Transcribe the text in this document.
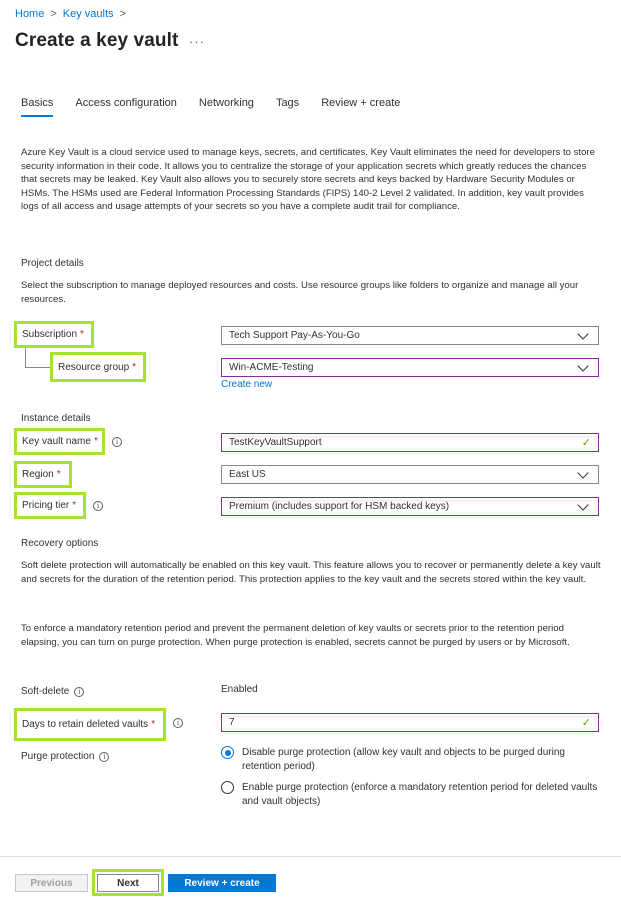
Home > Key vaults >
Create a key vault ···
Basics Access configuration Networking Tags Review + create
Azure Key Vault is a cloud service used to manage keys, secrets, and certificates. Key Vault eliminates the need for developers to store security information in their code. It allows you to centralize the storage of your application secrets which greatly reduces the chances that secrets may be leaked. Key Vault also allows you to securely store secrets and keys backed by Hardware Security Modules or HSMs. The HSMs used are Federal Information Processing Standards (FIPS) 140-2 Level 2 validated. In addition, key vault provides logs of all access and usage attempts of your secrets so you have a complete audit trail for compliance.
Project details
Select the subscription to manage deployed resources and costs. Use resource groups like folders to organize and manage all your resources.
Subscription *	Tech Support Pay-As-You-Go
Resource group *	Win-ACME-Testing
Create new
Instance details
Key vault name *	i	TestKeyVaultSupport	✓
Region *	East US
Pricing tier *	i	Premium (includes support for HSM backed keys)
Recovery options
Soft delete protection will automatically be enabled on this key vault. This feature allows you to recover or permanently delete a key vault and secrets for the duration of the retention period. This protection applies to the key vault and the secrets stored within the key vault.
To enforce a mandatory retention period and prevent the permanent deletion of key vaults or secrets prior to the retention period elapsing, you can turn on purge protection. When purge protection is enabled, secrets cannot be purged by users or by Microsoft.
Soft-delete	i	Enabled
Days to retain deleted vaults *	i	7	✓
Purge protection	i	Disable purge protection (allow key vault and objects to be purged during retention period)
Enable purge protection (enforce a mandatory retention period for deleted vaults and vault objects)
Previous	Next	Review + create
